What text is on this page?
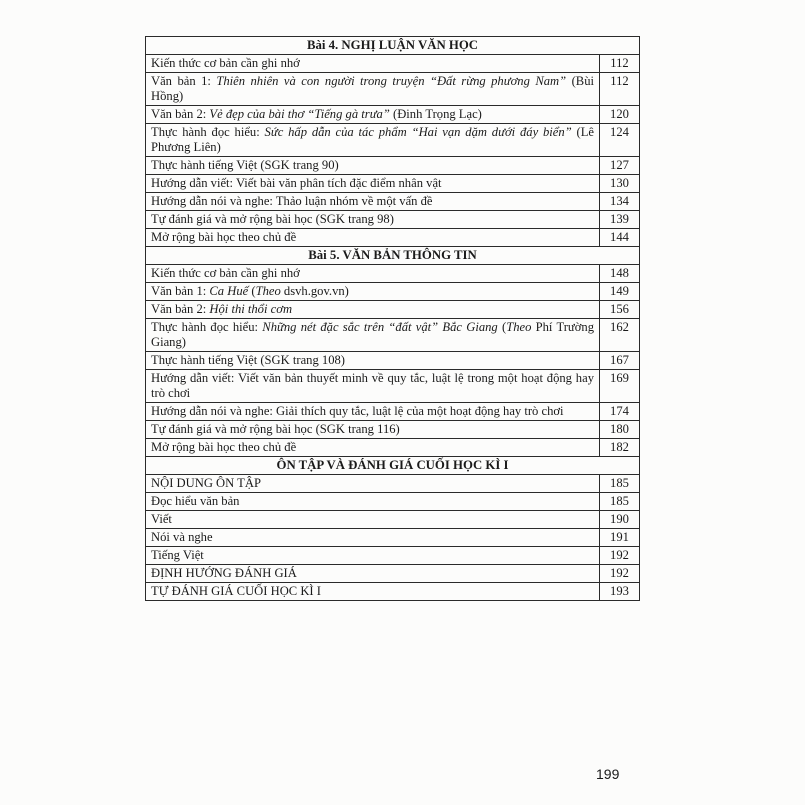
Bài 4. NGHỊ LUẬN VĂN HỌC	
Kiến thức cơ bản cần ghi nhớ	112
Văn bản 1: Thiên nhiên và con người trong truyện “Đất rừng phương Nam” (Bùi Hồng)	112
Văn bản 2: Vẻ đẹp của bài thơ “Tiếng gà trưa” (Đinh Trọng Lạc)	120
Thực hành đọc hiểu: Sức hấp dẫn của tác phẩm “Hai vạn dặm dưới đáy biển” (Lê Phương Liên)	124
Thực hành tiếng Việt (SGK trang 90)	127
Hướng dẫn viết: Viết bài văn phân tích đặc điểm nhân vật	130
Hướng dẫn nói và nghe: Thảo luận nhóm về một vấn đề	134
Tự đánh giá và mở rộng bài học (SGK trang 98)	139
Mở rộng bài học theo chủ đề	144
Bài 5. VĂN BẢN THÔNG TIN	
Kiến thức cơ bản cần ghi nhớ	148
Văn bản 1: Ca Huế (Theo dsvh.gov.vn)	149
Văn bản 2: Hội thi thổi cơm	156
Thực hành đọc hiểu: Những nét đặc sắc trên “đất vật” Bắc Giang (Theo Phí Trường Giang)	162
Thực hành tiếng Việt (SGK trang 108)	167
Hướng dẫn viết: Viết văn bản thuyết minh về quy tắc, luật lệ trong một hoạt động hay trò chơi	169
Hướng dẫn nói và nghe: Giải thích quy tắc, luật lệ của một hoạt động hay trò chơi	174
Tự đánh giá và mở rộng bài học (SGK trang 116)	180
Mở rộng bài học theo chủ đề	182
ÔN TẬP VÀ ĐÁNH GIÁ CUỐI HỌC KÌ I	
NỘI DUNG ÔN TẬP	185
Đọc hiểu văn bản	185
Viết	190
Nói và nghe	191
Tiếng Việt	192
ĐỊNH HƯỚNG ĐÁNH GIÁ	192
TỰ ĐÁNH GIÁ CUỐI HỌC KÌ I	193
199
